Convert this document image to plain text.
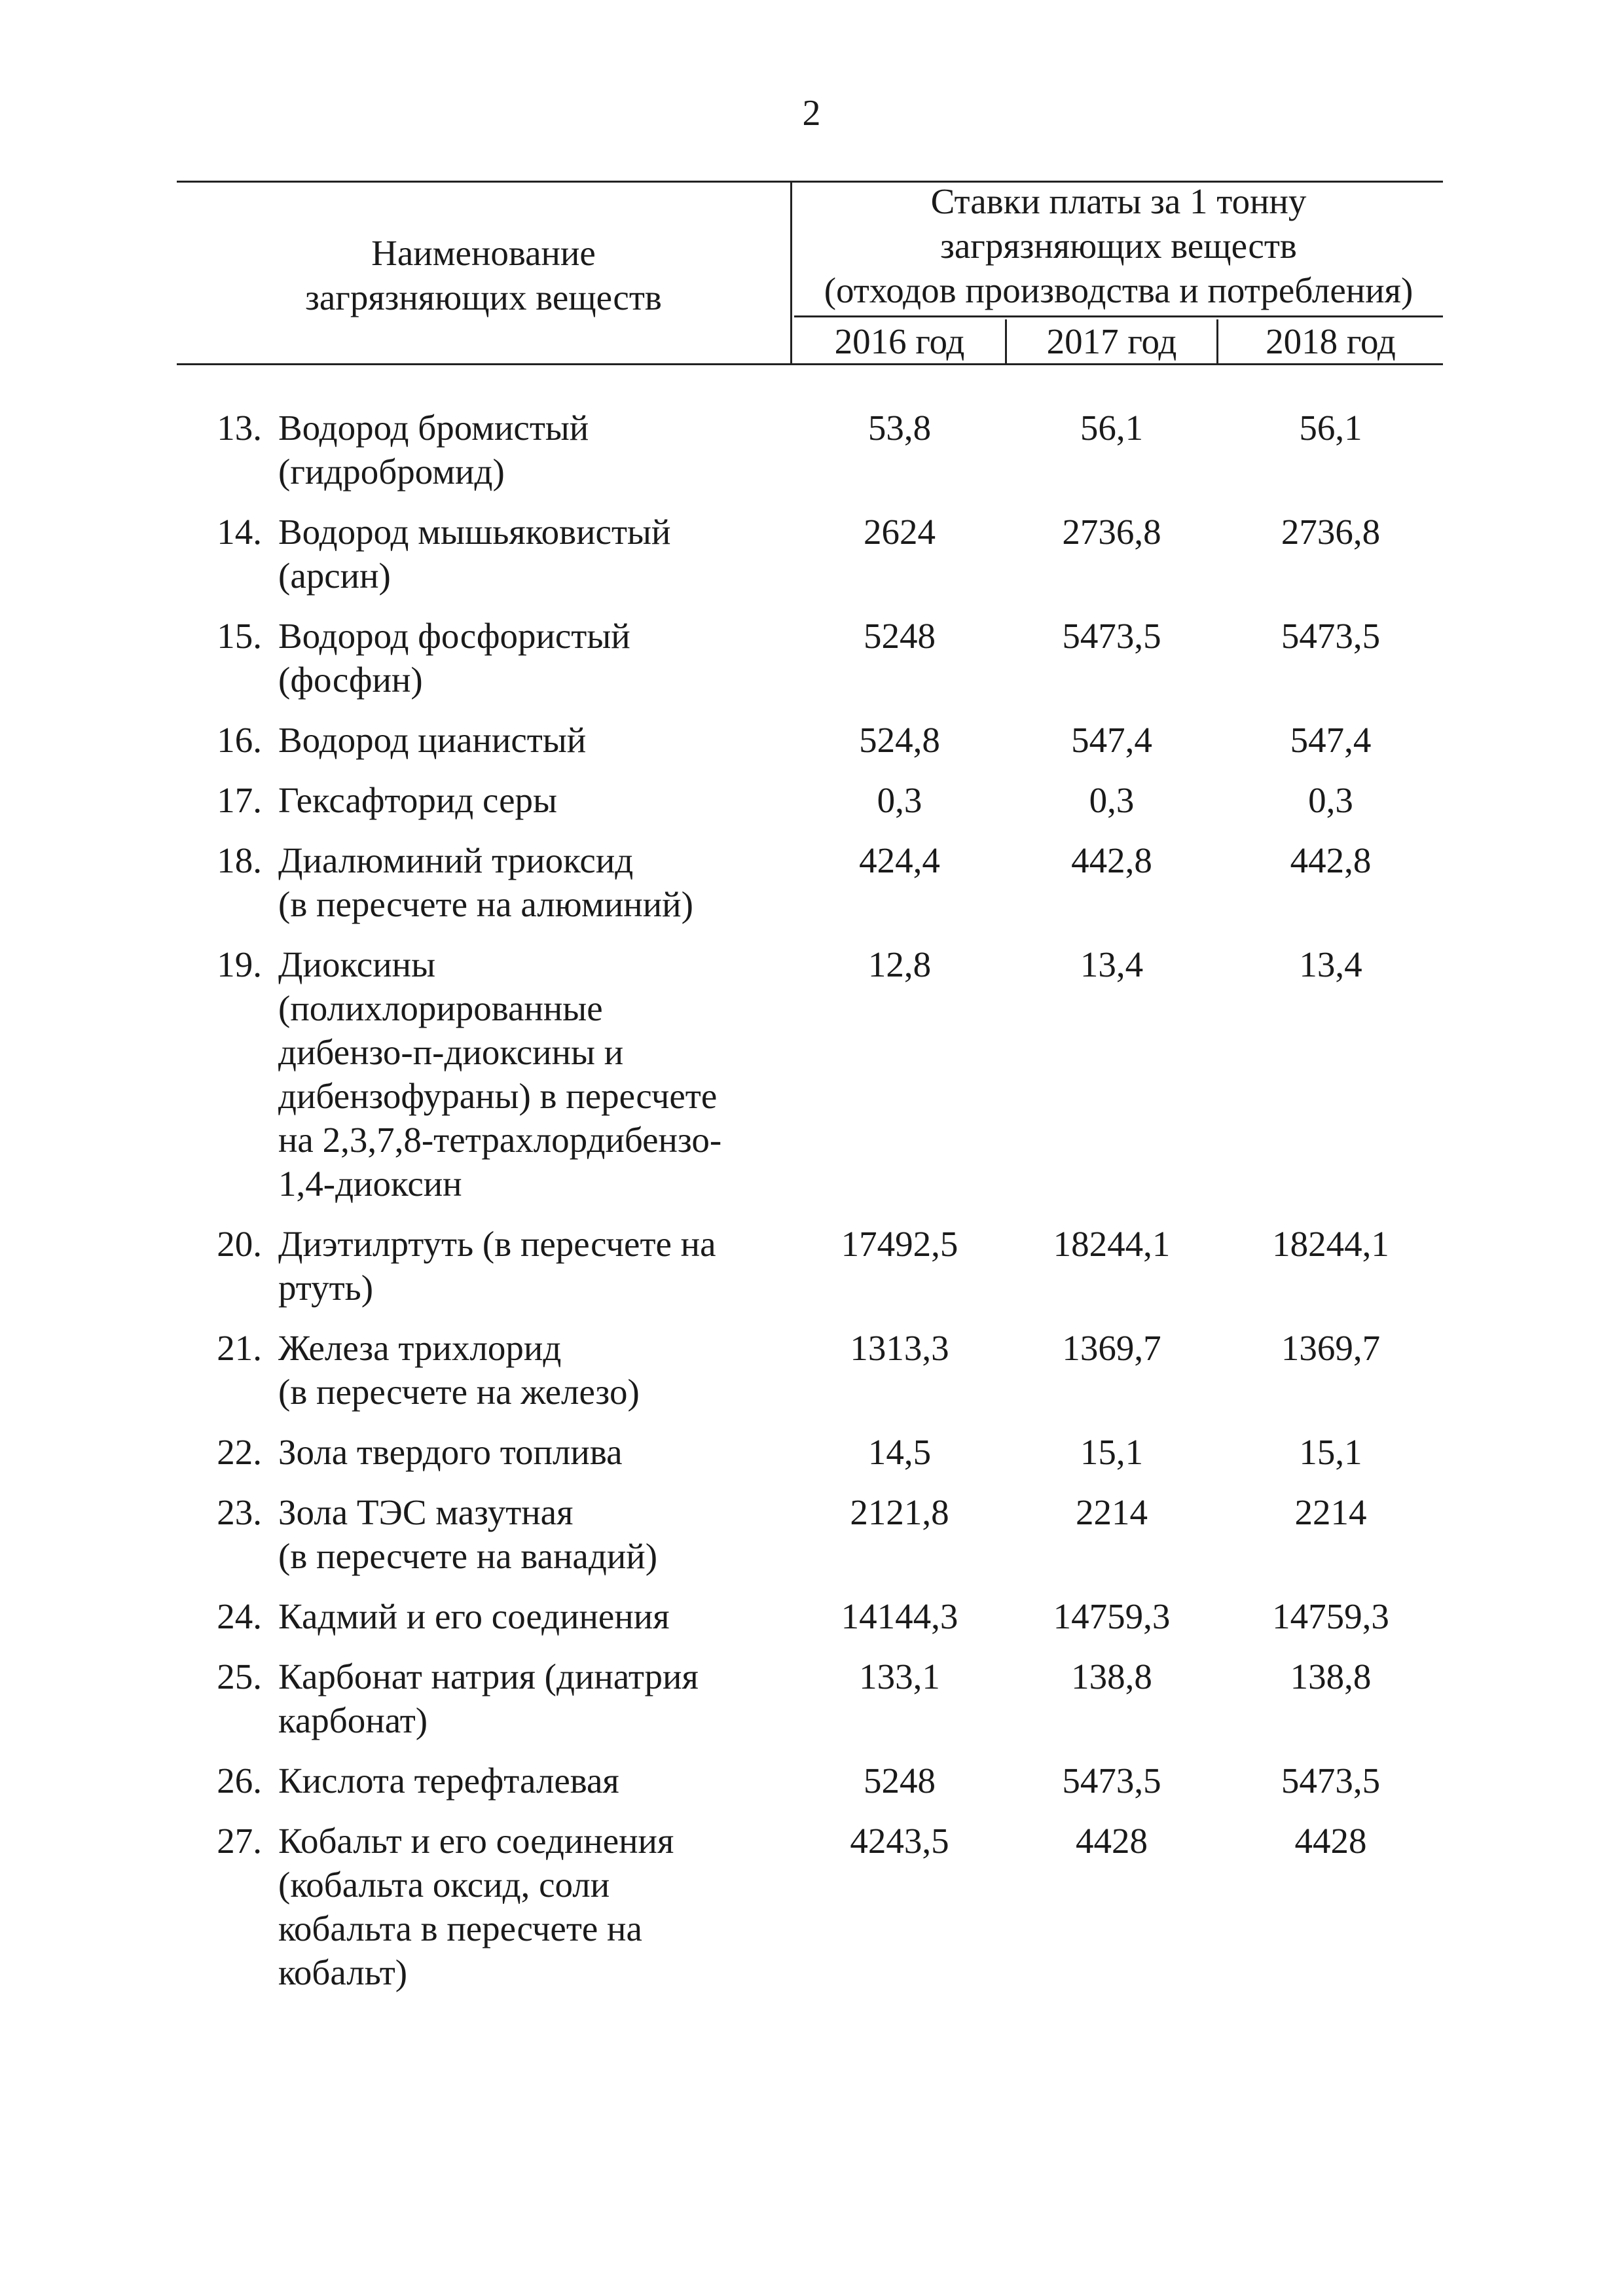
2
Наименование
загрязняющих веществ
Ставки платы за 1 тонну
загрязняющих веществ
(отходов производства и потребления)
2016 год	2017 год	2018 год
13. Водород бромистый
(гидробромид)
53,8	56,1	56,1
14. Водород мышьяковистый
(арсин)
2624	2736,8	2736,8
15. Водород фосфористый
(фосфин)
5248	5473,5	5473,5
16. Водород цианистый	524,8	547,4	547,4
17. Гексафторид серы	0,3	0,3	0,3
18. Диалюминий триоксид
(в пересчете на алюминий)
424,4	442,8	442,8
19. Диоксины
(полихлорированные
дибензо-п-диоксины и
дибензофураны) в пересчете
на 2,3,7,8-тетрахлордибензо-
1,4-диоксин
12,8	13,4	13,4
20. Диэтилртуть (в пересчете на
ртуть)
17492,5	18244,1	18244,1
21. Железа трихлорид
(в пересчете на железо)
1313,3	1369,7	1369,7
22. Зола твердого топлива	14,5	15,1	15,1
23. Зола ТЭС мазутная
(в пересчете на ванадий)
2121,8	2214	2214
24. Кадмий и его соединения	14144,3	14759,3	14759,3
25. Карбонат натрия (динатрия
карбонат)
133,1	138,8	138,8
26. Кислота терефталевая	5248	5473,5	5473,5
27. Кобальт и его соединения
(кобальта оксид, соли
кобальта в пересчете на
кобальт)
4243,5	4428	4428
